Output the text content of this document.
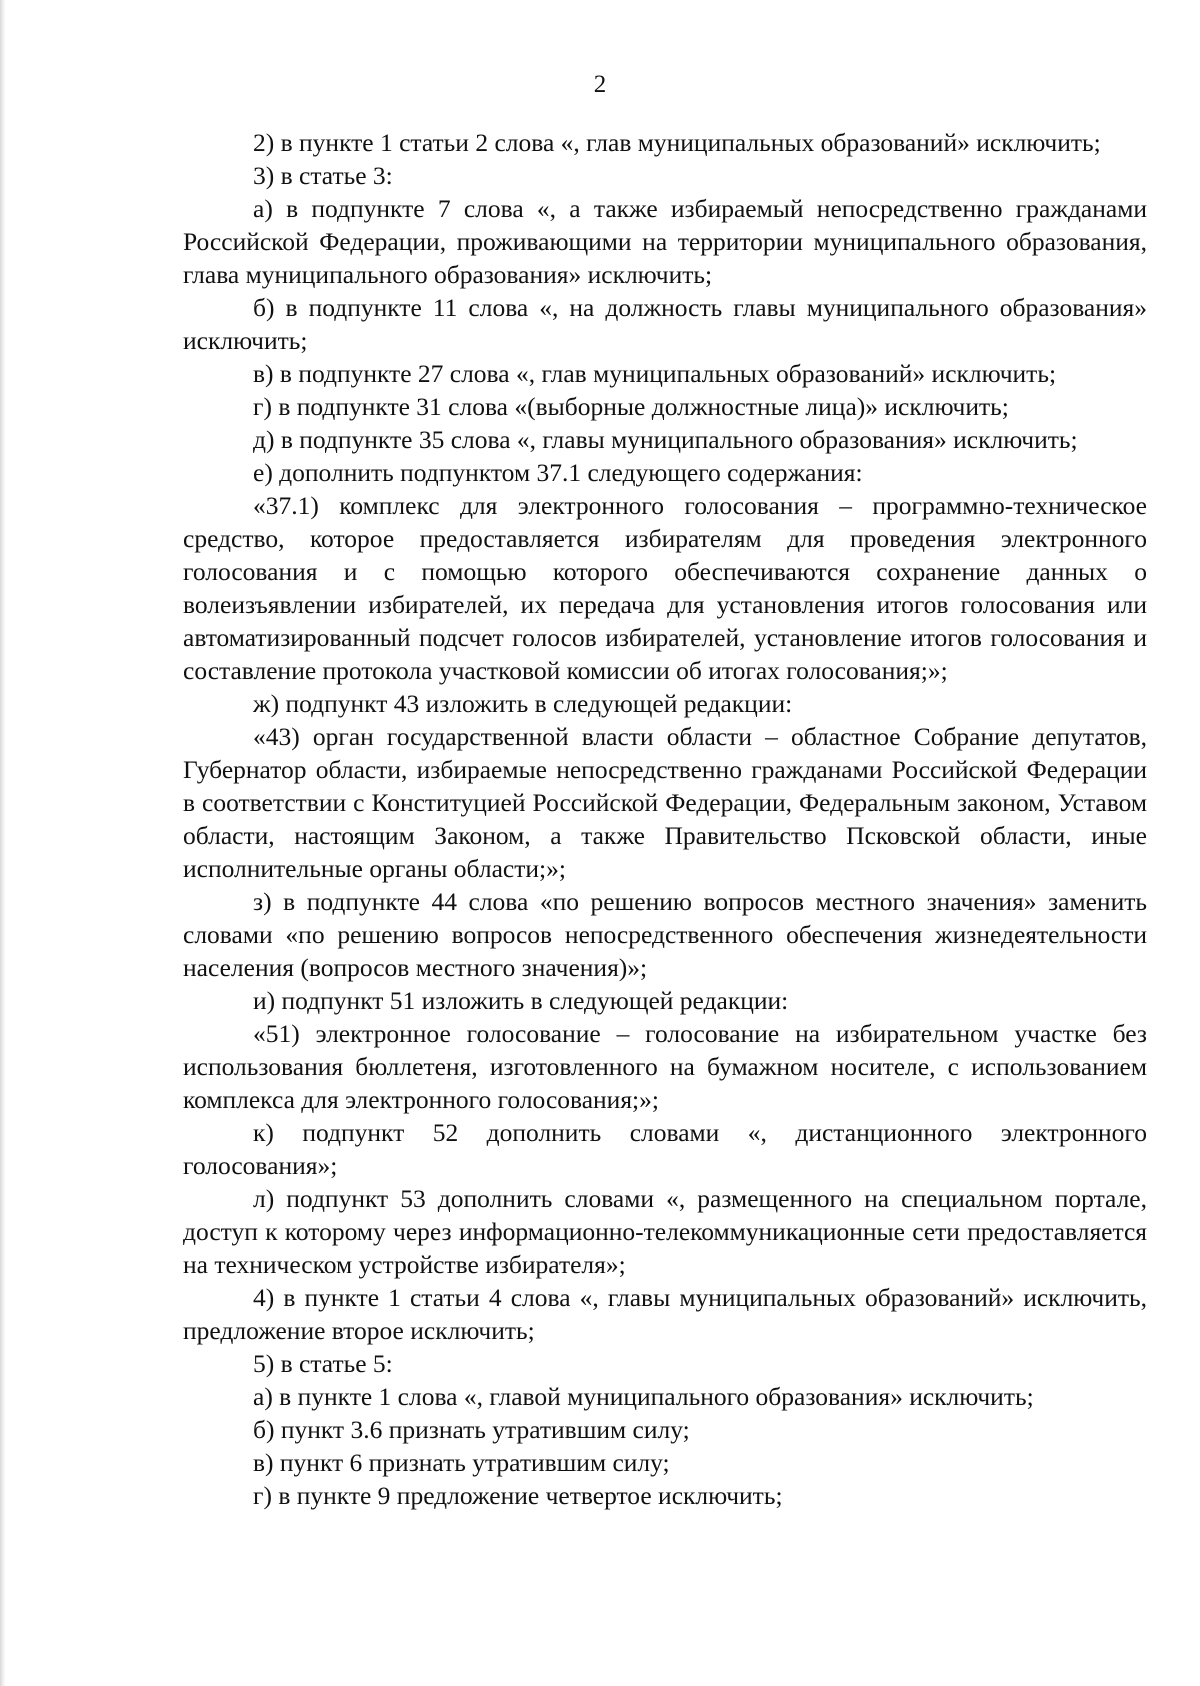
2

2) в пункте 1 статьи 2 слова «, глав муниципальных образований» исключить;

3) в статье 3:

а) в подпункте 7 слова «, а также избираемый непосредственно гражданами Российской Федерации, проживающими на территории муниципального образования, глава муниципального образования» исключить;

б) в подпункте 11 слова «, на должность главы муниципального образования» исключить;

в) в подпункте 27 слова «, глав муниципальных образований» исключить;

г) в подпункте 31 слова «(выборные должностные лица)» исключить;

д) в подпункте 35 слова «, главы муниципального образования» исключить;

е) дополнить подпунктом 37.1 следующего содержания:

«37.1) комплекс для электронного голосования – программно-техническое средство, которое предоставляется избирателям для проведения электронного голосования и с помощью которого обеспечиваются сохранение данных о волеизъявлении избирателей, их передача для установления итогов голосования или автоматизированный подсчет голосов избирателей, установление итогов голосования и составление протокола участковой комиссии об итогах голосования;»;

ж) подпункт 43 изложить в следующей редакции:

«43) орган государственной власти области – областное Собрание депутатов, Губернатор области, избираемые непосредственно гражданами Российской Федерации в соответствии с Конституцией Российской Федерации, Федеральным законом, Уставом области, настоящим Законом, а также Правительство Псковской области, иные исполнительные органы области;»;

з) в подпункте 44 слова «по решению вопросов местного значения» заменить словами «по решению вопросов непосредственного обеспечения жизнедеятельности населения (вопросов местного значения)»;

и) подпункт 51 изложить в следующей редакции:

«51) электронное голосование – голосование на избирательном участке без использования бюллетеня, изготовленного на бумажном носителе, с использованием комплекса для электронного голосования;»;

к) подпункт 52 дополнить словами «, дистанционного электронного голосования»;

л) подпункт 53 дополнить словами «, размещенного на специальном портале, доступ к которому через информационно-телекоммуникационные сети предоставляется на техническом устройстве избирателя»;

4) в пункте 1 статьи 4 слова «, главы муниципальных образований» исключить, предложение второе исключить;

5) в статье 5:

а) в пункте 1 слова «, главой муниципального образования» исключить;

б) пункт 3.6 признать утратившим силу;

в) пункт 6 признать утратившим силу;

г) в пункте 9 предложение четвертое исключить;
